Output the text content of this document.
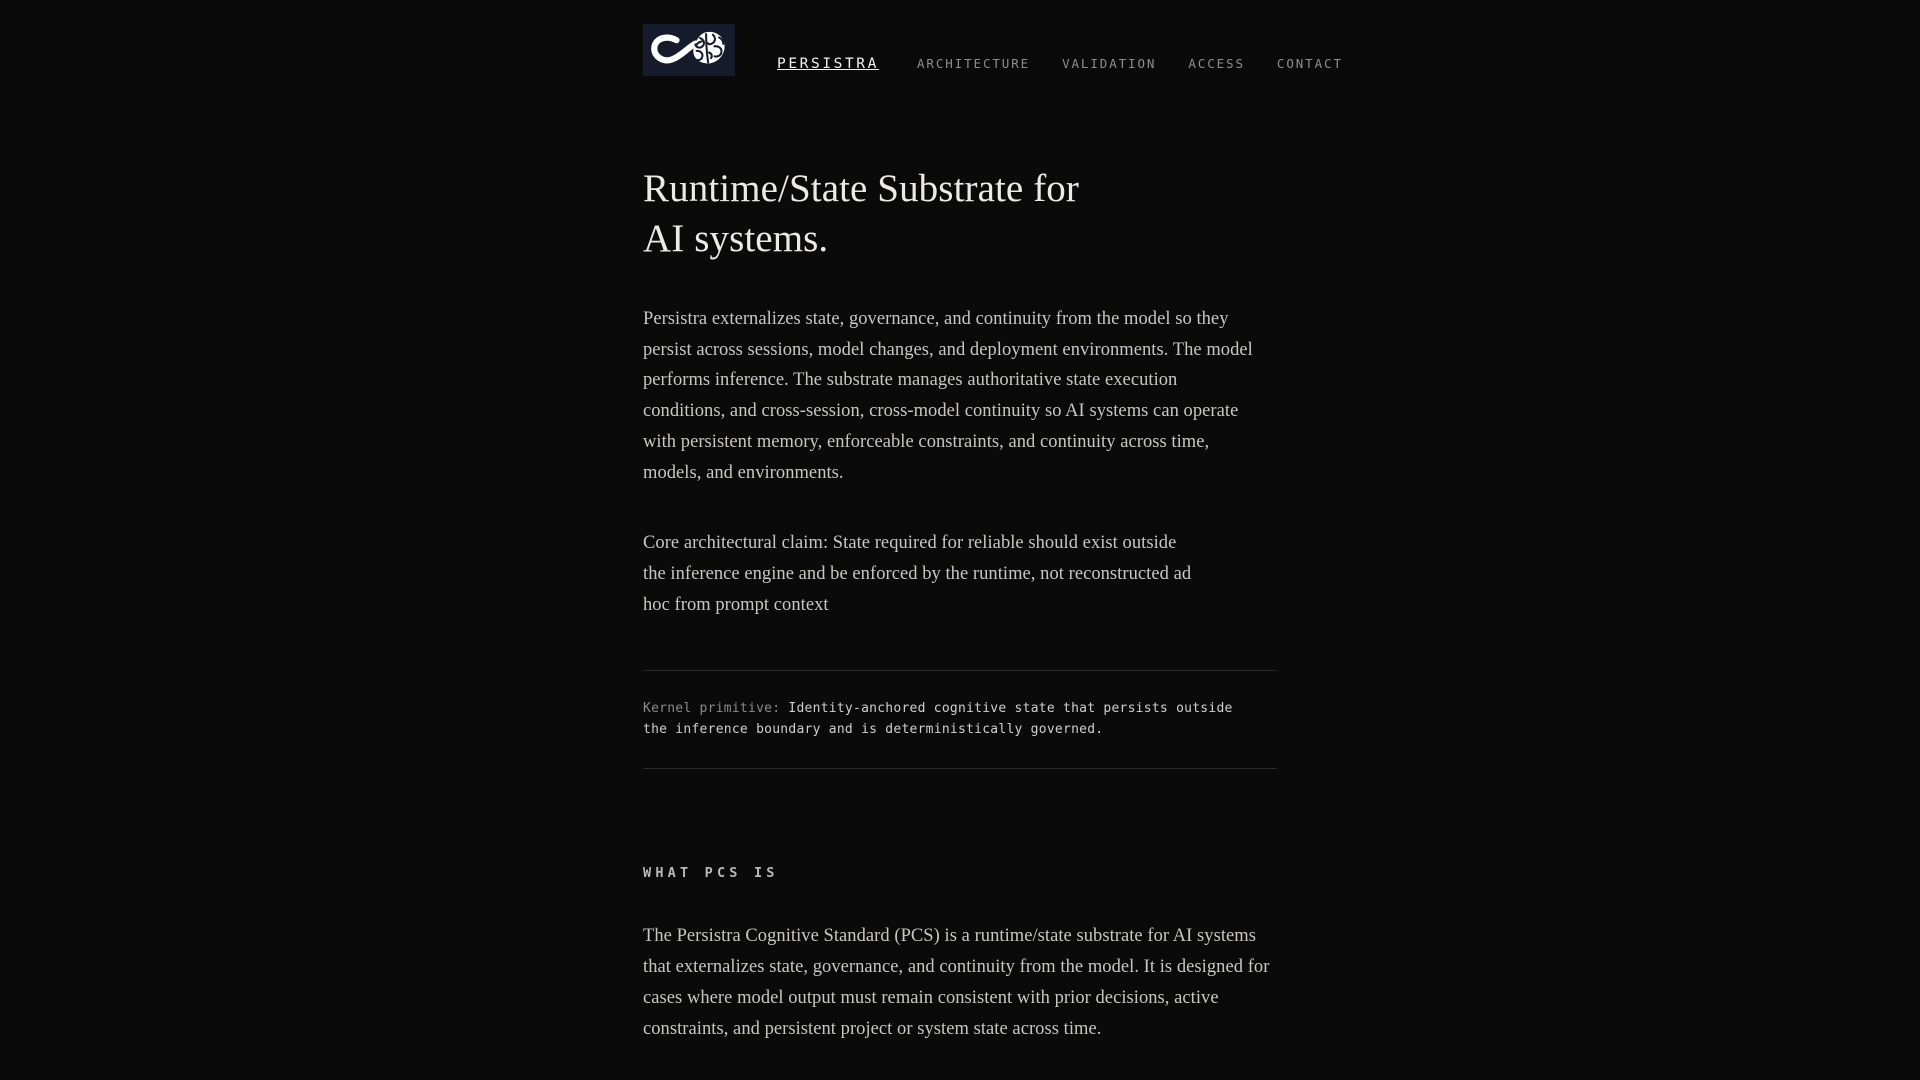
PERSISTRA	ARCHITECTURE	VALIDATION	ACCESS	CONTACT
Runtime/State Substrate for
AI systems.

Persistra externalizes state, governance, and continuity from the model so they persist across sessions, model changes, and deployment environments. The model performs inference. The substrate manages authoritative state execution conditions, and cross-session, cross-model continuity so AI systems can operate with persistent memory, enforceable constraints, and continuity across time, models, and environments.

Core architectural claim: State required for reliable should exist outside the inference engine and be enforced by the runtime, not reconstructed ad hoc from prompt context

Kernel primitive: Identity-anchored cognitive state that persists outside the inference boundary and is deterministically governed.

WHAT PCS IS

The Persistra Cognitive Standard (PCS) is a runtime/state substrate for AI systems that externalizes state, governance, and continuity from the model. It is designed for cases where model output must remain consistent with prior decisions, active constraints, and persistent project or system state across time.
